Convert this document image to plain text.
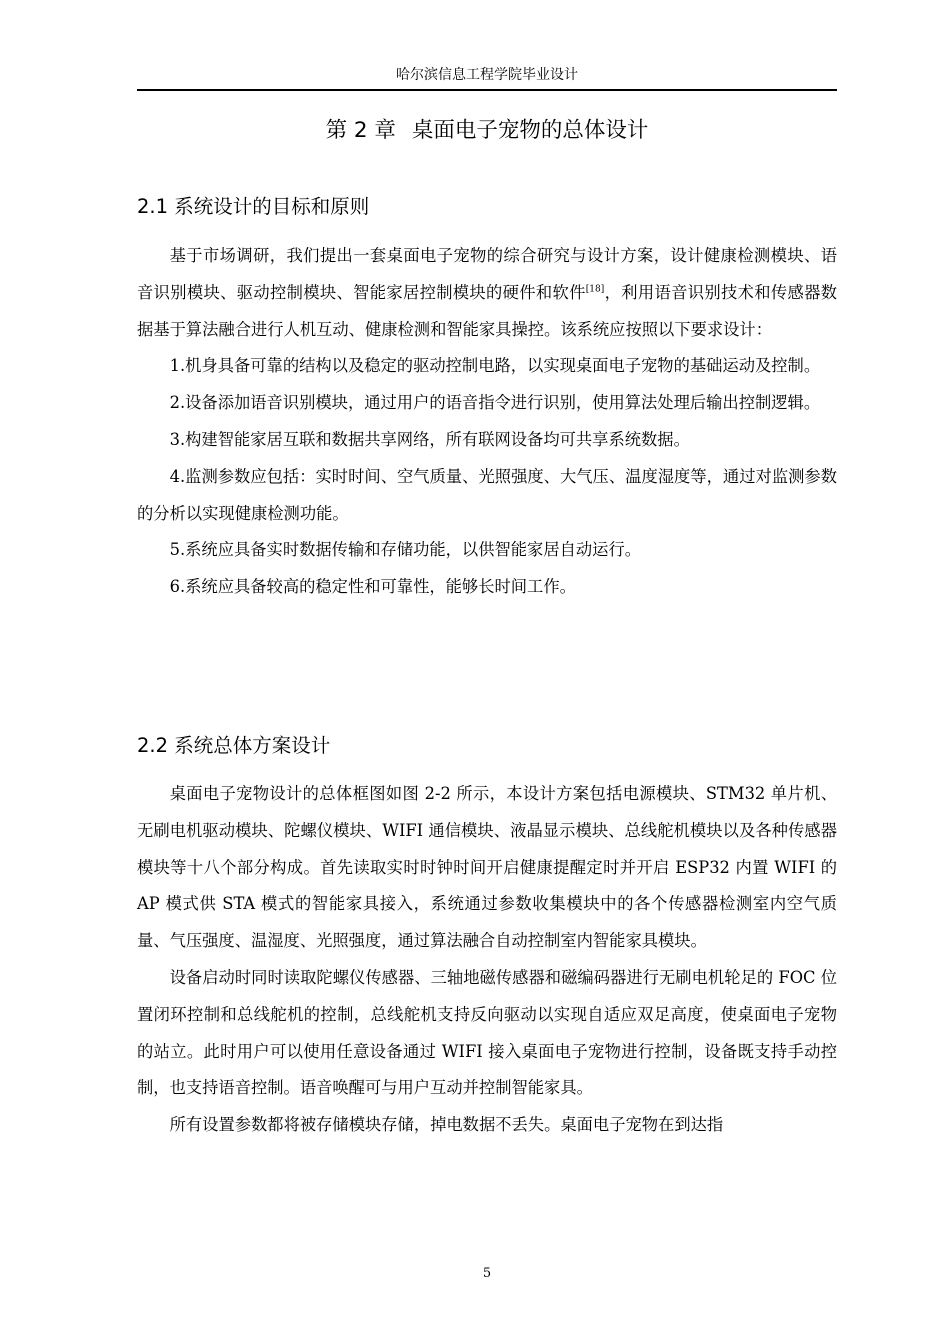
哈尔滨信息工程学院毕业设计
第 2 章 桌面电子宠物的总体设计
2.1 系统设计的目标和原则

基于市场调研，我们提出一套桌面电子宠物的综合研究与设计方案，设计健康检测模块、语音识别模块、驱动控制模块、智能家居控制模块的硬件和软件[18]，利用语音识别技术和传感器数据基于算法融合进行人机互动、健康检测和智能家具操控。该系统应按照以下要求设计：

1.机身具备可靠的结构以及稳定的驱动控制电路，以实现桌面电子宠物的基础运动及控制。

2.设备添加语音识别模块，通过用户的语音指令进行识别，使用算法处理后输出控制逻辑。

3.构建智能家居互联和数据共享网络，所有联网设备均可共享系统数据。

4.监测参数应包括：实时时间、空气质量、光照强度、大气压、温度湿度等，通过对监测参数的分析以实现健康检测功能。

5.系统应具备实时数据传输和存储功能，以供智能家居自动运行。

6.系统应具备较高的稳定性和可靠性，能够长时间工作。

2.2 系统总体方案设计

桌面电子宠物设计的总体框图如图 2-2 所示，本设计方案包括电源模块、STM32 单片机、无刷电机驱动模块、陀螺仪模块、WIFI 通信模块、液晶显示模块、总线舵机模块以及各种传感器模块等十八个部分构成。首先读取实时时钟时间开启健康提醒定时并开启 ESP32 内置 WIFI 的 AP 模式供 STA 模式的智能家具接入，系统通过参数收集模块中的各个传感器检测室内空气质量、气压强度、温湿度、光照强度，通过算法融合自动控制室内智能家具模块。

设备启动时同时读取陀螺仪传感器、三轴地磁传感器和磁编码器进行无刷电机轮足的 FOC 位置闭环控制和总线舵机的控制，总线舵机支持反向驱动以实现自适应双足高度，使桌面电子宠物的站立。此时用户可以使用任意设备通过 WIFI 接入桌面电子宠物进行控制，设备既支持手动控制，也支持语音控制。语音唤醒可与用户互动并控制智能家具。

所有设置参数都将被存储模块存储，掉电数据不丢失。桌面电子宠物在到达指

5
